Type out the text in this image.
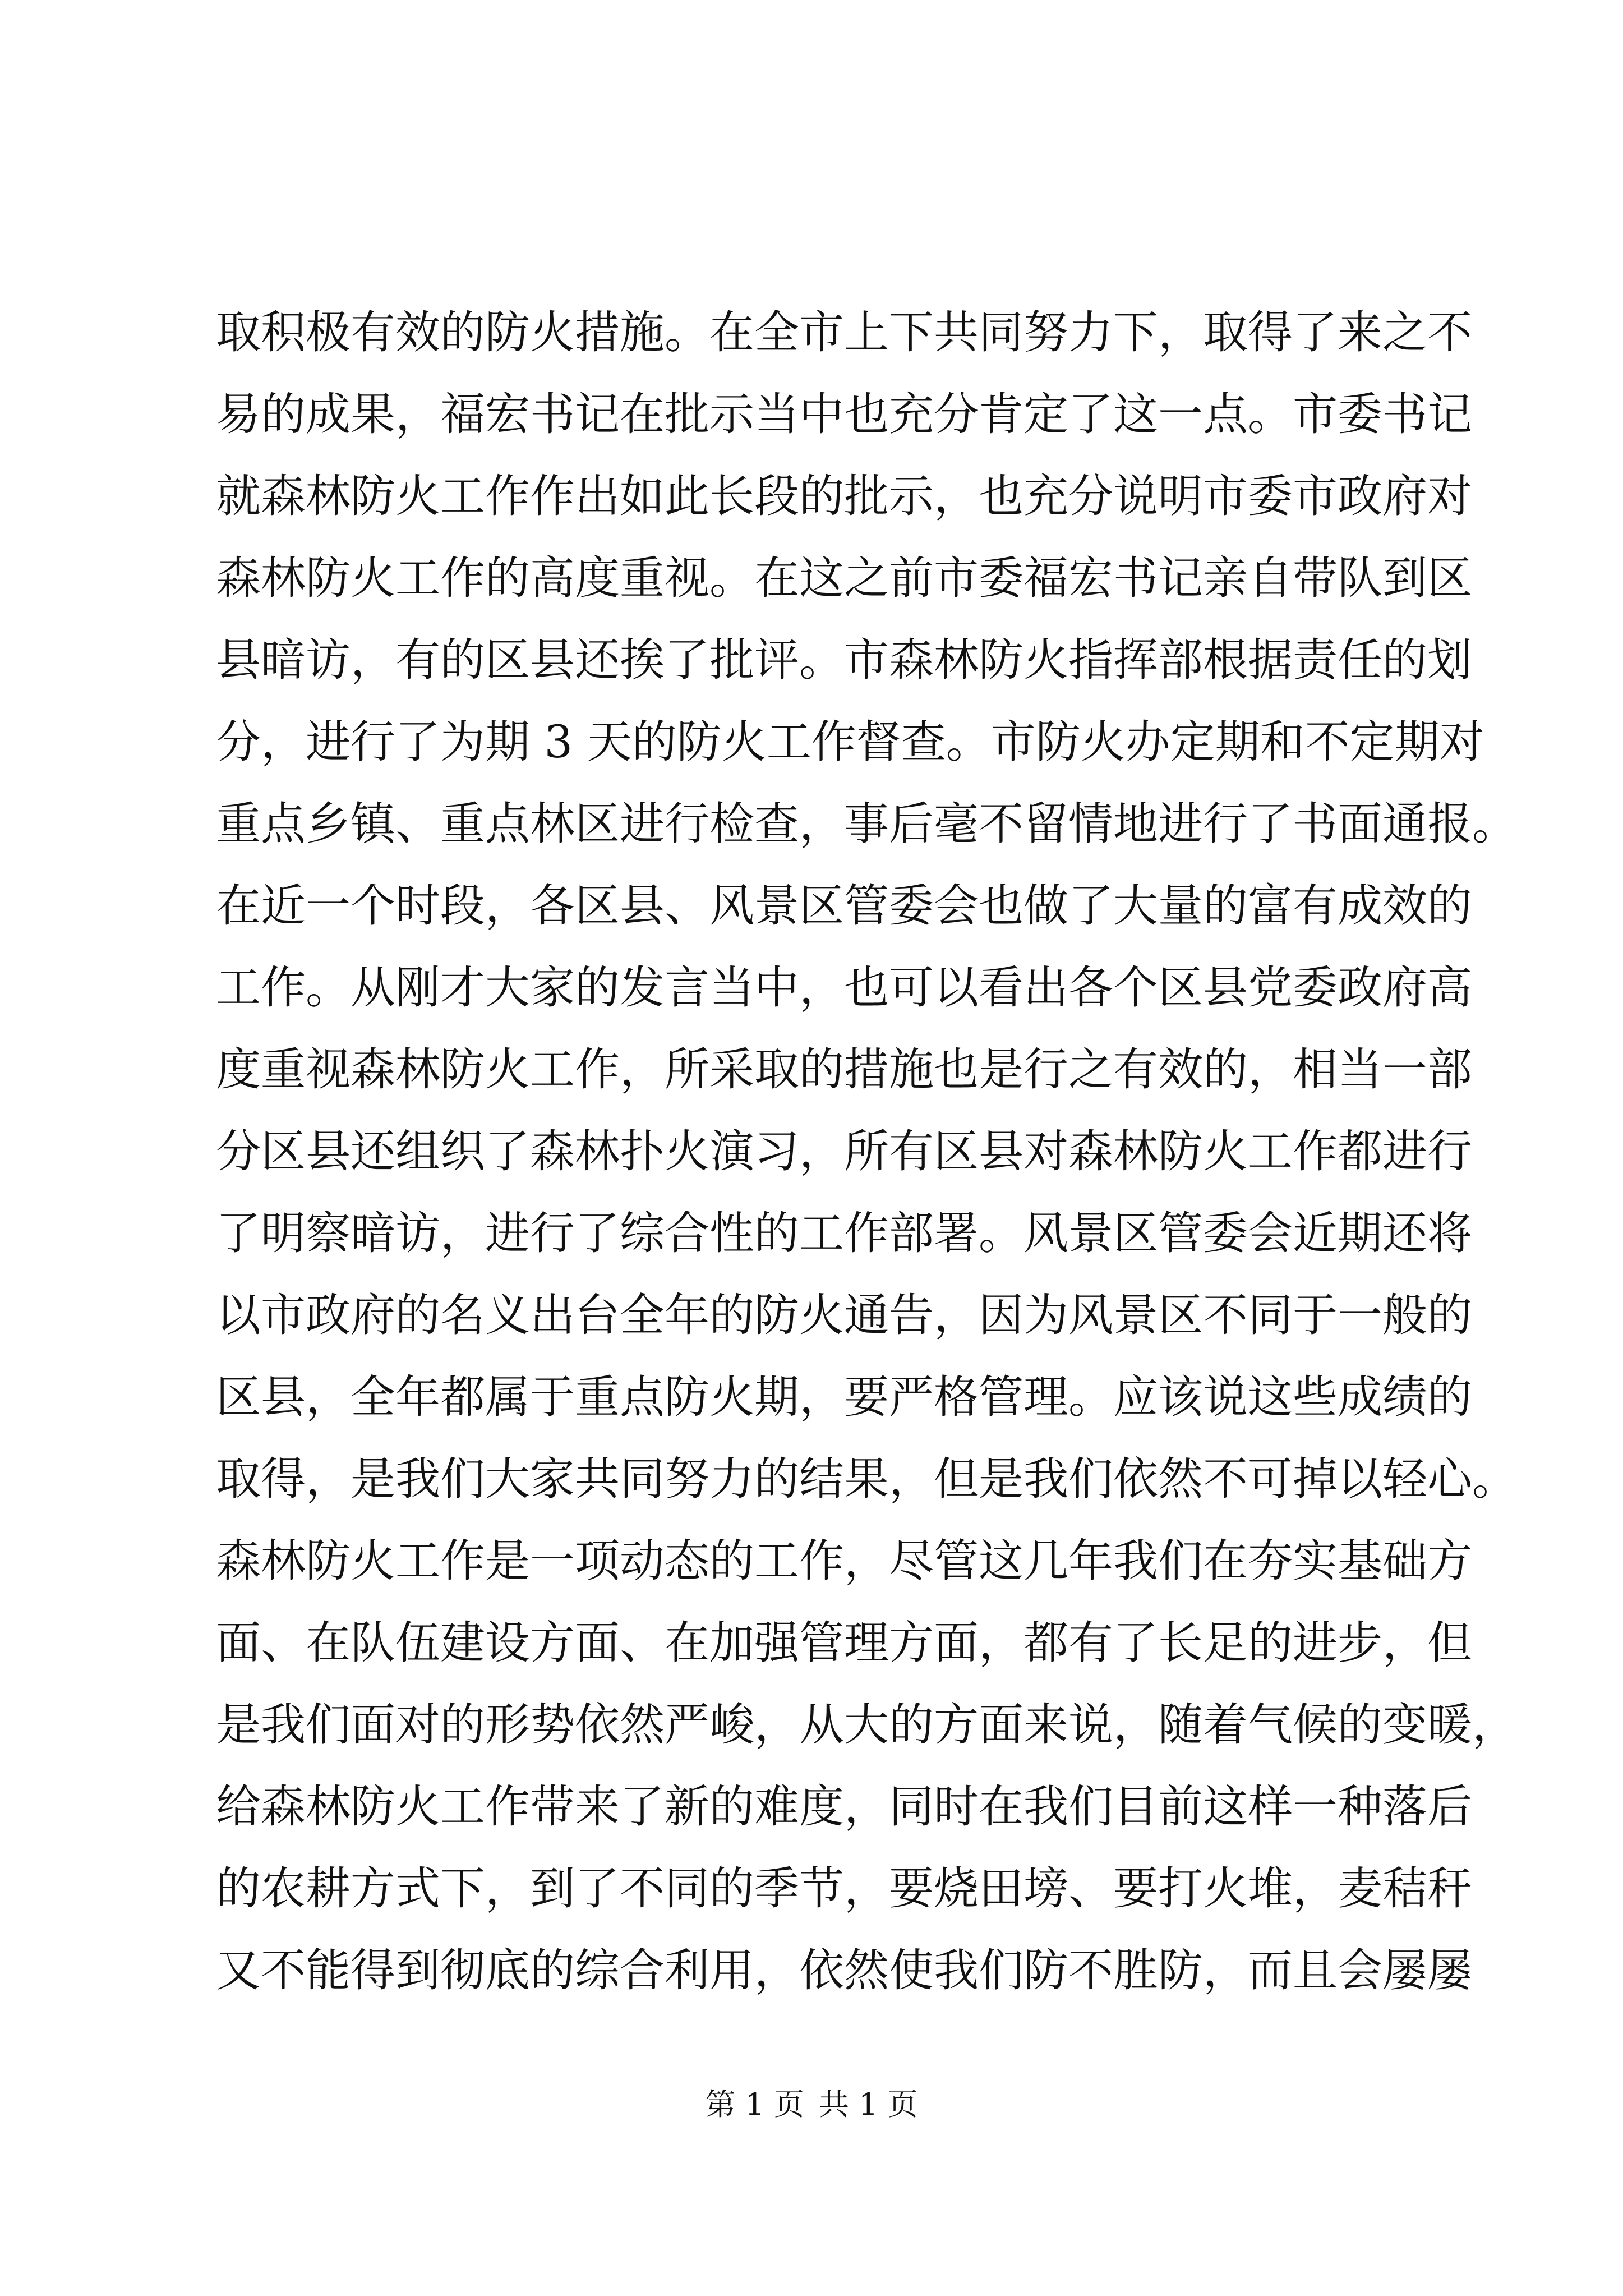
取积极有效的防火措施。在全市上下共同努力下，取得了来之不
易的成果，福宏书记在批示当中也充分肯定了这一点。市委书记
就森林防火工作作出如此长段的批示，也充分说明市委市政府对
森林防火工作的高度重视。在这之前市委福宏书记亲自带队到区
县暗访，有的区县还挨了批评。市森林防火指挥部根据责任的划
分，进行了为期 3 天的防火工作督查。市防火办定期和不定期对
重点乡镇、重点林区进行检查，事后毫不留情地进行了书面通报。
在近一个时段，各区县、风景区管委会也做了大量的富有成效的
工作。从刚才大家的发言当中，也可以看出各个区县党委政府高
度重视森林防火工作，所采取的措施也是行之有效的，相当一部
分区县还组织了森林扑火演习，所有区县对森林防火工作都进行
了明察暗访，进行了综合性的工作部署。风景区管委会近期还将
以市政府的名义出台全年的防火通告，因为风景区不同于一般的
区县，全年都属于重点防火期，要严格管理。应该说这些成绩的
取得，是我们大家共同努力的结果，但是我们依然不可掉以轻心。
森林防火工作是一项动态的工作，尽管这几年我们在夯实基础方
面、在队伍建设方面、在加强管理方面，都有了长足的进步，但
是我们面对的形势依然严峻，从大的方面来说，随着气候的变暖，
给森林防火工作带来了新的难度，同时在我们目前这样一种落后
的农耕方式下，到了不同的季节，要烧田塝、要打火堆，麦秸秆
又不能得到彻底的综合利用，依然使我们防不胜防，而且会屡屡
第 1 页 共 1 页
